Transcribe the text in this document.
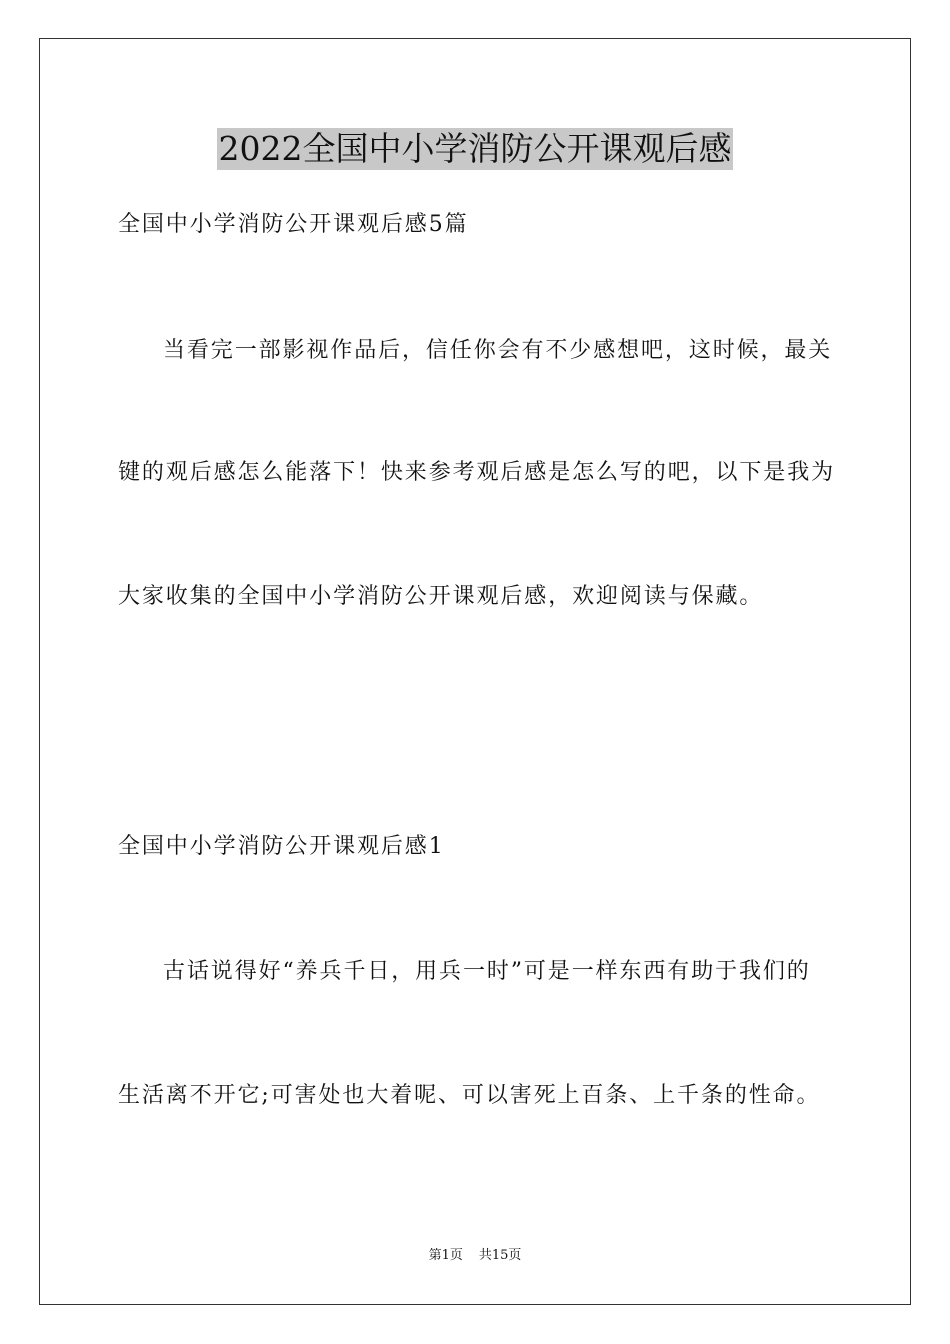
2022全国中小学消防公开课观后感
全国中小学消防公开课观后感5篇
当看完一部影视作品后，信任你会有不少感想吧，这时候，最关
键的观后感怎么能落下！快来参考观后感是怎么写的吧，以下是我为
大家收集的全国中小学消防公开课观后感，欢迎阅读与保藏。
全国中小学消防公开课观后感1
古话说得好“养兵千日，用兵一时”可是一样东西有助于我们的
生活离不开它;可害处也大着呢、可以害死上百条、上千条的性命。
第1页 共15页
